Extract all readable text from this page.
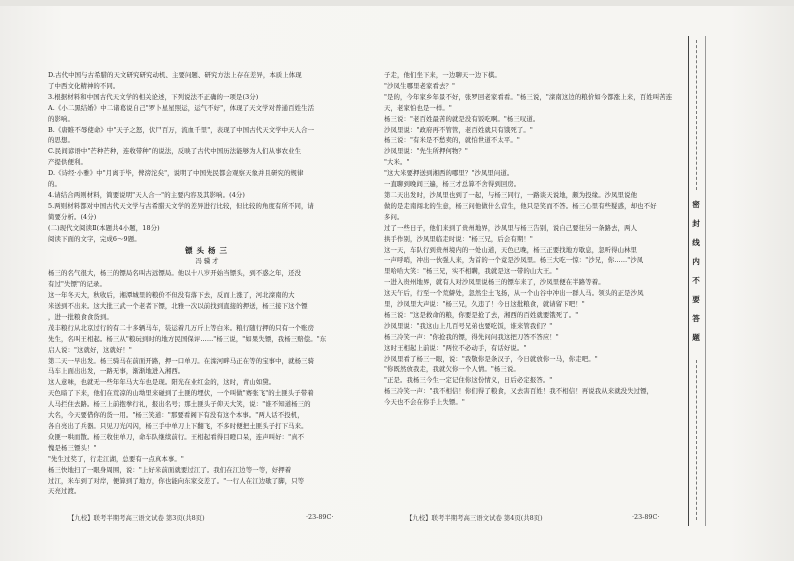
D.古代中国与古希腊的天文研究研究动机、主要问题、研究方法上存在差异，本质上体现
了中西文化精神的不同。
3.根据材料和中国古代天文学的相关论述，下列说法不正确的一项是(3分)
A.《小二黑结婚》中二诸葛说自己"罗卜星星照运，运气不好"，体现了天文学对普通百姓生活
的影响。
B.《唐睢不辱使命》中"天子之怒，伏尸百万，流血千里"，表现了中国古代天文学中天人合一
的思想。
C.民间谚语中"芒种芒种，连收带种"的说法，反映了古代中国历法能够为人们从事农业生
产提供便利。
D.《诗经·小雅》中"月离于毕，俾滂沱矣"，说明了中国先民都会观察天象并且研究的规律
的。
4.请结合两则材料，简要说明"天人合一"的主要内容及其影响。(4分)
5.两则材料都对中国古代天文学与古希腊天文学的差异进行比较，但比较的角度有所不同，请
简要分析。(4分)
(二)现代文阅读Ⅱ(本题共4小题，18分)
阅读下面的文字，完成6～9题。
镖头杨三
冯骥才
杨三的名气很大，杨三的镖局名叫古远镖局。他以十八岁开始当镖头，到不惑之年，还没
有过"失镖"的记录。
这一年冬天大，秋收后，湘潭城里的粮价不但没有落下去，反而上涨了，河北滦南的大
米送到不出来。这大批三武一个老者下镖，北雅一次以前找到直接的押送，杨三接下这个镖
，进一批粮食食货到。
茂丰粮行从北京过行的有二十多辆马车，装运着几万斤上等白米。粮行随行押的只有一个账房
先生，名叫王相起。杨三从"粮玩到时的地方民国保评……"杨三说，"如果失镖，我杨三赔偿。"东
启人说："这就好，这就好！"
第二天一早出发。杨三骑马在前面开路，押一口单刀。在滦河畔马正在等的宝事中，就杨三骑
马车上面出出发，一路无事，渐渐地进入湘西。
这人意味，也就无一些年年马大车也是现。阳光在业红金的，这时，青山如黛。
天色暗了下来，他们在荒凉的山坳里来碰到了土匪的埋伏，一个叫做"赛张飞"的土匪头子带着
人马拦住去路。杨三上前抱拳行礼，报出名号；那土匪头子仰天大笑，说："谁不知道杨三的
大名，今天要借你的货一用。"杨三笑道："那要看阁下有没有这个本事。"两人话不投机，
各自亮出了兵器。只见刀光闪闪，杨三手中单刀上下翻飞，不多时便把土匪头子打下马来。
众匪一哄而散。杨三收住单刀，命车队继续前行。王相起看得目瞪口呆，连声叫好："真不
愧是杨三镖头！"
"先生过奖了，行走江湖，总要有一点真本事。"
杨三快地扫了一眼身周围，说："上好米前面就要过江了。我们在江边等一等，好押着
过江，米车到了对岸，便算到了地方，你也能向东家交差了。"一行人在江边歇了脚，只等
天亮过渡。
【九校】联考半期考高三语文试卷 第3页(共8页)	·23-89C·
子走，他们坐下来，一边聊天一边下棋。
"沙凤生哪里老家看去？"
"是的，今年家乡年景不好，张罗回老家看看。"杨三说，"滦南这边的粮价如今都涨上来，百姓叫苦连
天，老家怕也是一样。"
杨三说："老百姓最苦的就是没有饭吃啊。"杨三叹道。
沙凤里说："政府再不管管，老百姓就只有饿死了。"
杨三说："有米是不愁卖的，就怕世道不太平。"
沙凤里说："先生所押何物？"
"大米。"
"这大米要押送到湘西的哪里？"沙凤里问道。
一直聊到晚间三遍，杨三才总算不舍得到回房。
第二天出发时，沙凤里也到了一起，与杨三同行，一路谈天说地，颇为投缘。沙凤里说他
做的是走南闯北的生意，杨三问他做什么营生，他只是笑而不答。杨三心里有些疑惑，却也不好
多问。
过了一些日子，他们来到了贵州地界，沙凤里与杨三告别，说自己要往另一条路去，两人
拱手作别，沙凤里临走时说："杨三兄，后会有期！"
这一天，车队行到贵州境内的一处山道，天色已晚，杨三正要找地方歇息，忽听得山林里
一声呼哨，冲出一伙强人来，为首的一个竟是沙凤里。杨三大吃一惊："沙兄，你……"沙凤
里哈哈大笑："杨三兄，实不相瞒，我就是这一带的山大王。"
一进入贵州地界，就有人对沙凤里说杨三的镖车来了，沙凤里便在半路等着。
这天午后，行至一个荒僻处，忽然尘土飞扬，从一个山谷中冲出一群人马。领头的正是沙凤
里，沙凤里大声说："杨三兄，久违了！今日这批粮食，就请留下吧！"
杨三说："这是救命的粮，你要是抢了去，湘西的百姓就要饿死了。"
沙凤里说："我这山上几百号兄弟也要吃饭，谁来管我们？"
杨三冷笑一声："你抢我的镖，得先问问我这把刀答不答应！"
这时王相起上前说："两位不必动手，有话好说。"
沙凤里看了杨三一眼，说："我敬你是条汉子，今日就放你一马，你走吧。"
"你既然放我走，我就欠你一个人情。"杨三说。
"正是。我杨三今生一定记住你这份情义，日后必定报答。"
杨三冷笑一声："我不相信！你们得了粮食，又去害百姓！我不相信！再说我从来就没失过镖，
今天也不会在你手上失镖。"
【九校】联考半期考高三语文试卷 第4页(共8页)	·23-89C·
密
封
线
内
不
要
答
题
